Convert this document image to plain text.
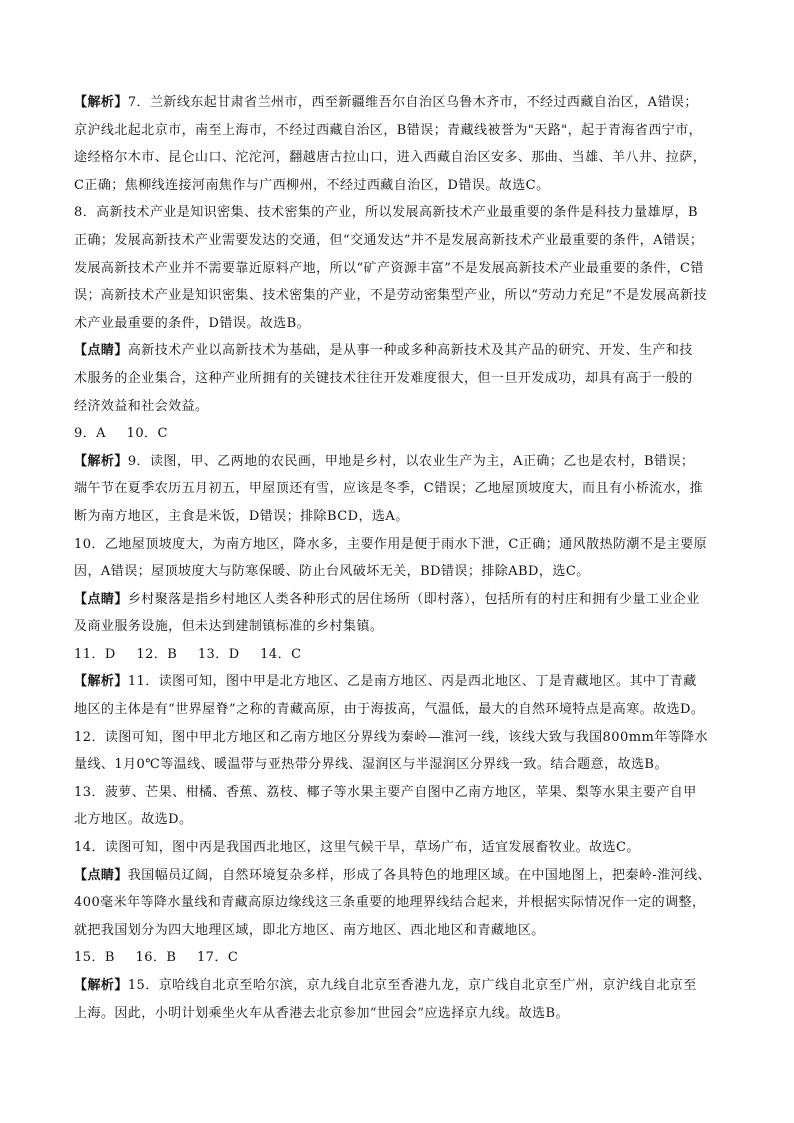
【解析】7．兰新线东起甘肃省兰州市，西至新疆维吾尔自治区乌鲁木齐市，不经过西藏自治区，A错误；
京沪线北起北京市，南至上海市，不经过西藏自治区，B错误；青藏线被誉为"天路"，起于青海省西宁市，
途经格尔木市、昆仑山口、沱沱河，翻越唐古拉山口，进入西藏自治区安多、那曲、当雄、羊八井、拉萨，
C正确；焦柳线连接河南焦作与广西柳州，不经过西藏自治区，D错误。故选C。
8．高新技术产业是知识密集、技术密集的产业，所以发展高新技术产业最重要的条件是科技力量雄厚，B
正确；发展高新技术产业需要发达的交通，但“交通发达”并不是发展高新技术产业最重要的条件，A错误；
发展高新技术产业并不需要靠近原料产地，所以“矿产资源丰富”不是发展高新技术产业最重要的条件，C错
误；高新技术产业是知识密集、技术密集的产业，不是劳动密集型产业，所以“劳动力充足”不是发展高新技
术产业最重要的条件，D错误。故选B。
【点睛】高新技术产业以高新技术为基础，是从事一种或多种高新技术及其产品的研究、开发、生产和技
术服务的企业集合，这种产业所拥有的关键技术往往开发难度很大，但一旦开发成功，却具有高于一般的
经济效益和社会效益。
9．A 10．C
【解析】9．读图，甲、乙两地的农民画，甲地是乡村，以农业生产为主，A正确；乙也是农村，B错误；
端午节在夏季农历五月初五，甲屋顶还有雪，应该是冬季，C错误；乙地屋顶坡度大，而且有小桥流水，推
断为南方地区，主食是米饭，D错误；排除BCD，选A。
10．乙地屋顶坡度大，为南方地区，降水多，主要作用是便于雨水下泄，C正确；通风散热防潮不是主要原
因，A错误；屋顶坡度大与防寒保暖、防止台风破坏无关，BD错误；排除ABD，选C。
【点睛】乡村聚落是指乡村地区人类各种形式的居住场所（即村落），包括所有的村庄和拥有少量工业企业
及商业服务设施，但未达到建制镇标准的乡村集镇。
11．D 12．B 13．D 14．C
【解析】11．读图可知，图中甲是北方地区、乙是南方地区、丙是西北地区、丁是青藏地区。其中丁青藏
地区的主体是有“世界屋脊”之称的青藏高原，由于海拔高，气温低，最大的自然环境特点是高寒。故选D。
12．读图可知，图中甲北方地区和乙南方地区分界线为秦岭—淮河一线，该线大致与我国800mm年等降水
量线、1月0℃等温线、暖温带与亚热带分界线、湿润区与半湿润区分界线一致。结合题意，故选B。
13．菠萝、芒果、柑橘、香蕉、荔枝、椰子等水果主要产自图中乙南方地区，苹果、梨等水果主要产自甲
北方地区。故选D。
14．读图可知，图中丙是我国西北地区，这里气候干旱，草场广布，适宜发展畜牧业。故选C。
【点睛】我国幅员辽阔，自然环境复杂多样，形成了各具特色的地理区域。在中国地图上，把秦岭-淮河线、
400毫米年等降水量线和青藏高原边缘线这三条重要的地理界线结合起来，并根据实际情况作一定的调整，
就把我国划分为四大地理区域，即北方地区、南方地区、西北地区和青藏地区。
15．B 16．B 17．C
【解析】15．京哈线自北京至哈尔滨，京九线自北京至香港九龙，京广线自北京至广州，京沪线自北京至
上海。因此，小明计划乘坐火车从香港去北京参加“世园会”应选择京九线。故选B。
